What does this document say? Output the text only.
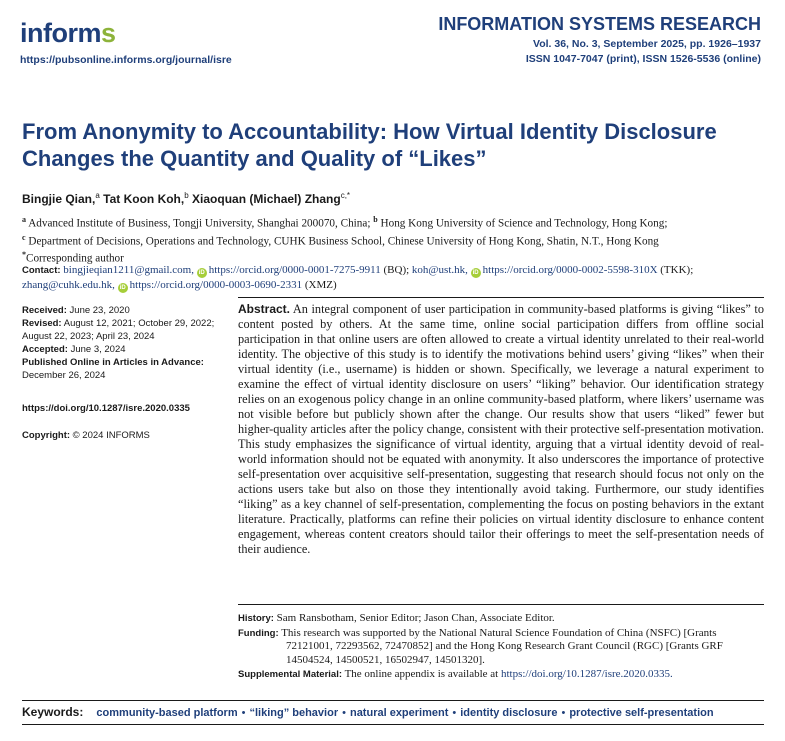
informs
https://pubsonline.informs.org/journal/isre
INFORMATION SYSTEMS RESEARCH
Vol. 36, No. 3, September 2025, pp. 1926–1937
ISSN 1047-7047 (print), ISSN 1526-5536 (online)
From Anonymity to Accountability: How Virtual Identity Disclosure Changes the Quantity and Quality of “Likes”
Bingjie Qian,$^a$ Tat Koon Koh,$^b$ Xiaoquan (Michael) Zhang$^{c,*}$
$^a$ Advanced Institute of Business, Tongji University, Shanghai 200070, China; $^b$ Hong Kong University of Science and Technology, Hong Kong;
$^c$ Department of Decisions, Operations and Technology, CUHK Business School, Chinese University of Hong Kong, Shatin, N.T., Hong Kong
*Corresponding author
Contact: bingjieqian1211@gmail.com, iD https://orcid.org/0000-0001-7275-9911 (BQ); koh@ust.hk, iD https://orcid.org/0000-0002-5598-310X (TKK); zhang@cuhk.edu.hk, iD https://orcid.org/0000-0003-0690-2331 (XMZ)
Received: June 23, 2020
Revised: August 12, 2021; October 29, 2022; August 22, 2023; April 23, 2024
Accepted: June 3, 2024
Published Online in Articles in Advance:
December 26, 2024
https://doi.org/10.1287/isre.2020.0335
Copyright: © 2024 INFORMS

Abstract. An integral component of user participation in community-based platforms is giving “likes” to content posted by others. At the same time, online social participation differs from offline social participation in that online users are often allowed to create a virtual identity unrelated to their real-world identity. The objective of this study is to identify the motivations behind users’ giving “likes” when their virtual identity (i.e., username) is hidden or shown. Specifically, we leverage a natural experiment to examine the effect of virtual identity disclosure on users’ “liking” behavior. Our identification strategy relies on an exogenous policy change in an online community-based platform, where likers’ username was not visible before but publicly shown after the change. Our results show that users “liked” fewer but higher-quality articles after the policy change, consistent with their protective self-presentation motivation. This study emphasizes the significance of virtual identity, arguing that a virtual identity devoid of real-world information should not be equated with anonymity. It also underscores the importance of protective self-presentation over acquisitive self-presentation, suggesting that research should focus not only on the actions users take but also on those they intentionally avoid taking. Furthermore, our study identifies “liking” as a key channel of self-presentation, complementing the focus on posting behaviors in the extant literature. Practically, platforms can refine their policies on virtual identity disclosure to enhance content engagement, whereas content creators should tailor their offerings to meet the self-presentation needs of their audience.

History: Sam Ransbotham, Senior Editor; Jason Chan, Associate Editor.
Funding: This research was supported by the National Natural Science Foundation of China (NSFC) [Grants 72121001, 72293562, 72470852] and the Hong Kong Research Grant Council (RGC) [Grants GRF 14504524, 14500521, 16502947, 14501320].
Supplemental Material: The online appendix is available at https://doi.org/10.1287/isre.2020.0335.
Keywords: community-based platform • “liking” behavior • natural experiment • identity disclosure • protective self-presentation
